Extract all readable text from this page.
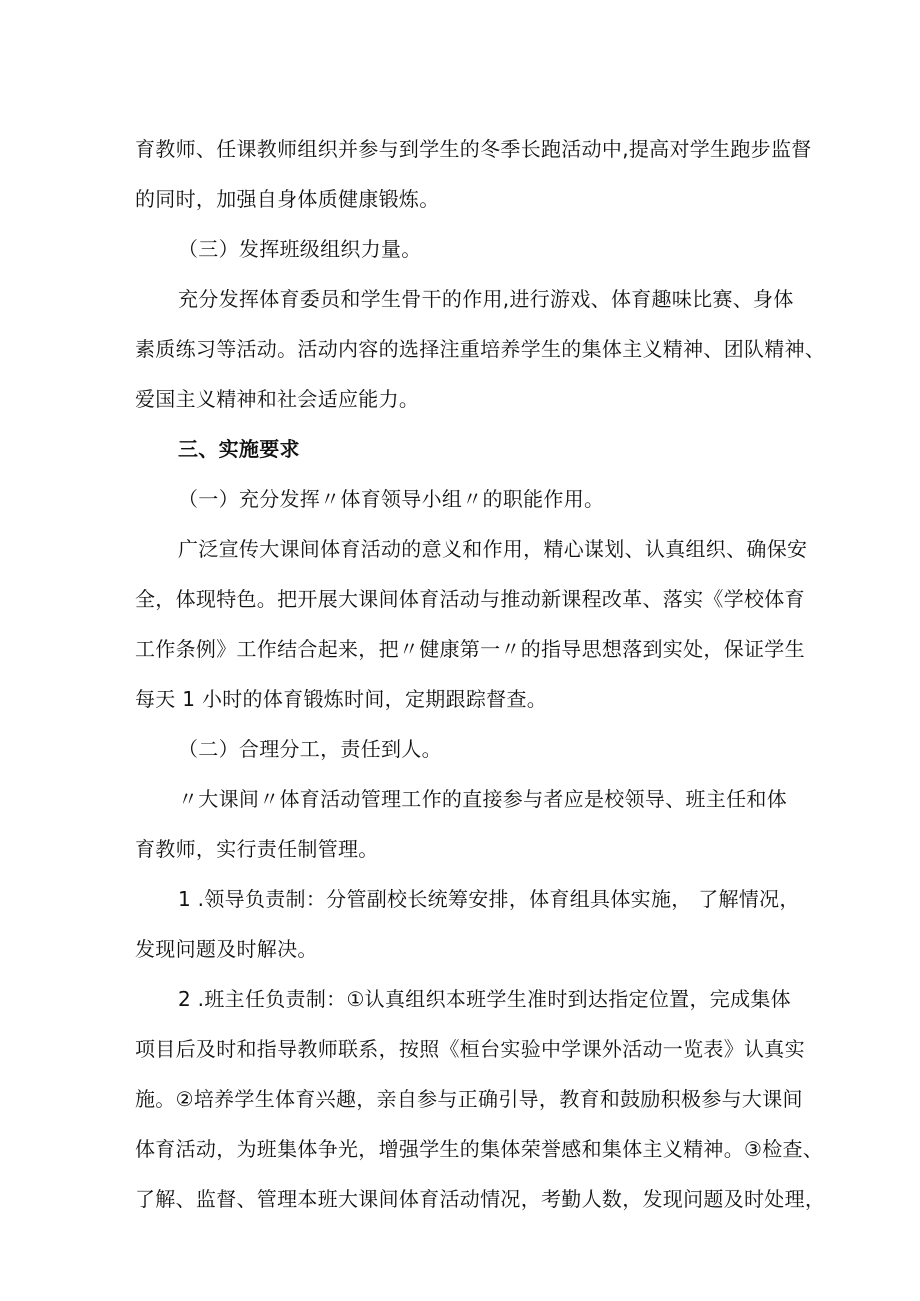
育教师、任课教师组织并参与到学生的冬季长跑活动中,提高对学生跑步监督
的同时，加强自身体质健康锻炼。

（三）发挥班级组织力量。

充分发挥体育委员和学生骨干的作用,进行游戏、体育趣味比赛、身体
素质练习等活动。活动内容的选择注重培养学生的集体主义精神、团队精神、
爱国主义精神和社会适应能力。

三、实施要求

（一）充分发挥〃体育领导小组〃的职能作用。

广泛宣传大课间体育活动的意义和作用，精心谋划、认真组织、确保安
全，体现特色。把开展大课间体育活动与推动新课程改革、落实《学校体育
工作条例》工作结合起来，把〃健康第一〃的指导思想落到实处，保证学生
每天 1 小时的体育锻炼时间，定期跟踪督查。

（二）合理分工，责任到人。

〃大课间〃体育活动管理工作的直接参与者应是校领导、班主任和体
育教师，实行责任制管理。

1 .领导负责制：分管副校长统筹安排，体育组具体实施， 了解情况，
发现问题及时解决。

2 .班主任负责制：①认真组织本班学生准时到达指定位置，完成集体
项目后及时和指导教师联系，按照《桓台实验中学课外活动一览表》认真实
施。②培养学生体育兴趣，亲自参与正确引导，教育和鼓励积极参与大课间
体育活动，为班集体争光，增强学生的集体荣誉感和集体主义精神。③检查、
了解、监督、管理本班大课间体育活动情况，考勤人数，发现问题及时处理，
